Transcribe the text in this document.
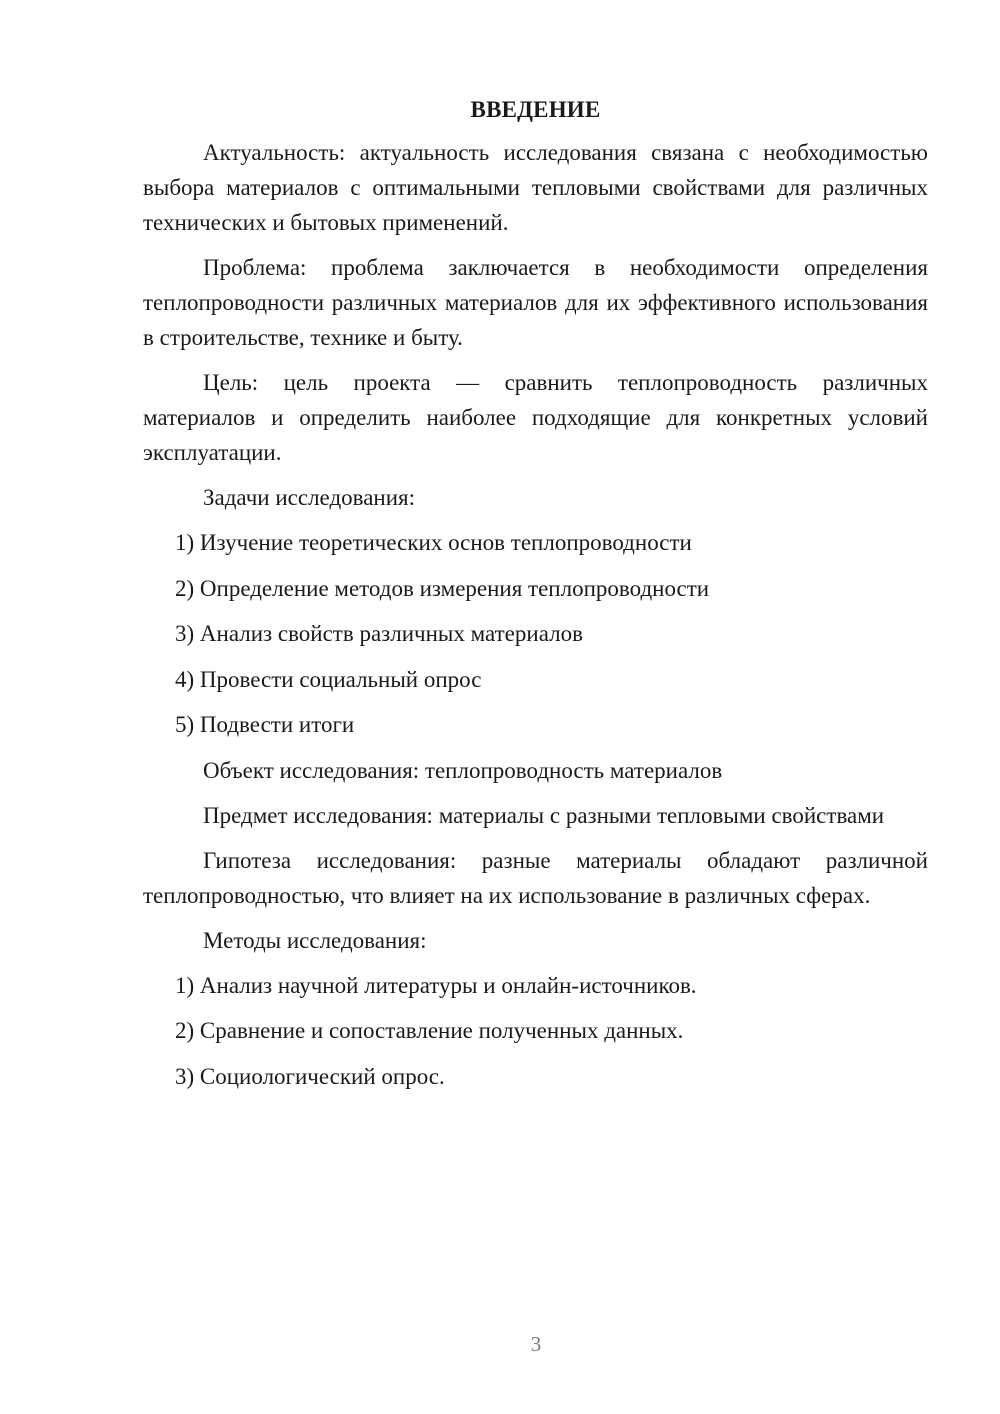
ВВЕДЕНИЕ

Актуальность: актуальность исследования связана с необходимостью выбора материалов с оптимальными тепловыми свойствами для различных технических и бытовых применений.

Проблема: проблема заключается в необходимости определения теплопроводности различных материалов для их эффективного использования в строительстве, технике и быту.

Цель: цель проекта — сравнить теплопроводность различных материалов и определить наиболее подходящие для конкретных условий эксплуатации.

Задачи исследования:

1) Изучение теоретических основ теплопроводности
2) Определение методов измерения теплопроводности
3) Анализ свойств различных материалов
4) Провести социальный опрос
5) Подвести итоги

Объект исследования: теплопроводность материалов

Предмет исследования: материалы с разными тепловыми свойствами

Гипотеза исследования: разные материалы обладают различной теплопроводностью, что влияет на их использование в различных сферах.

Методы исследования:

1) Анализ научной литературы и онлайн-источников.
2) Сравнение и сопоставление полученных данных.
3) Социологический опрос.
3
